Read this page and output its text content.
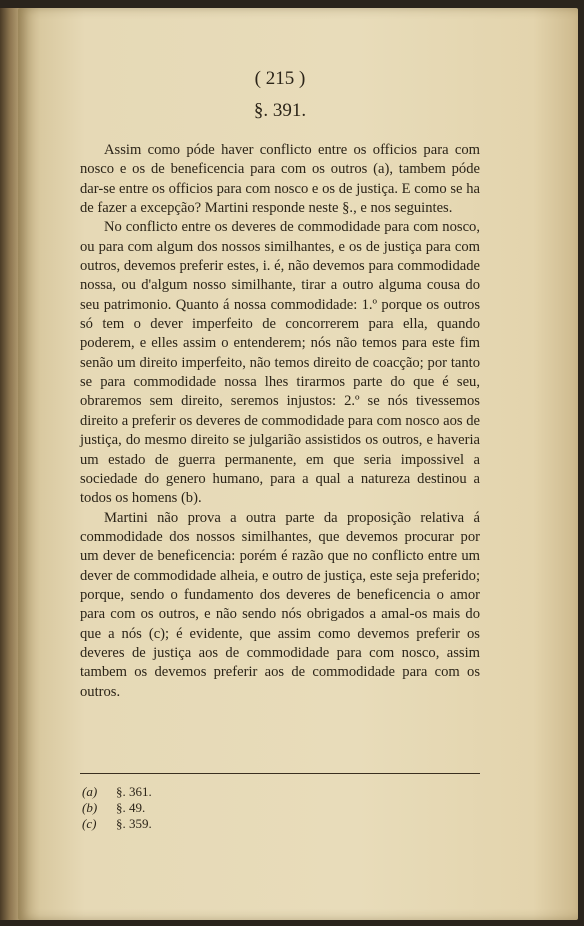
( 215 )
§. 391.

Assim como póde haver conflicto entre os officios para com nosco e os de beneficencia para com os outros (a), tambem póde dar-se entre os officios para com nosco e os de justiça. E como se ha de fazer a excepção? Martini responde neste §., e nos seguintes.

No conflicto entre os deveres de commodidade para com nosco, ou para com algum dos nossos similhantes, e os de justiça para com outros, devemos preferir estes, i. é, não devemos para commodidade nossa, ou d'algum nosso similhante, tirar a outro alguma cousa do seu patrimonio. Quanto á nossa commodidade: 1.º porque os outros só tem o dever imperfeito de concorrerem para ella, quando poderem, e elles assim o entenderem; nós não temos para este fim senão um direito imperfeito, não temos direito de coacção; por tanto se para commodidade nossa lhes tirarmos parte do que é seu, obraremos sem direito, seremos injustos: 2.º se nós tivessemos direito a preferir os deveres de commodidade para com nosco aos de justiça, do mesmo direito se julgarião assistidos os outros, e haveria um estado de guerra permanente, em que seria impossivel a sociedade do genero humano, para a qual a natureza destinou a todos os homens (b).

Martini não prova a outra parte da proposição relativa á commodidade dos nossos similhantes, que devemos procurar por um dever de beneficencia: porém é razão que no conflicto entre um dever de commodidade alheia, e outro de justiça, este seja preferido; porque, sendo o fundamento dos deveres de beneficencia o amor para com os outros, e não sendo nós obrigados a amal-os mais do que a nós (c); é evidente, que assim como devemos preferir os deveres de justiça aos de commodidade para com nosco, assim tambem os devemos preferir aos de commodidade para com os outros.

(a)	§. 361.
(b)	§. 49.
(c)	§. 359.
